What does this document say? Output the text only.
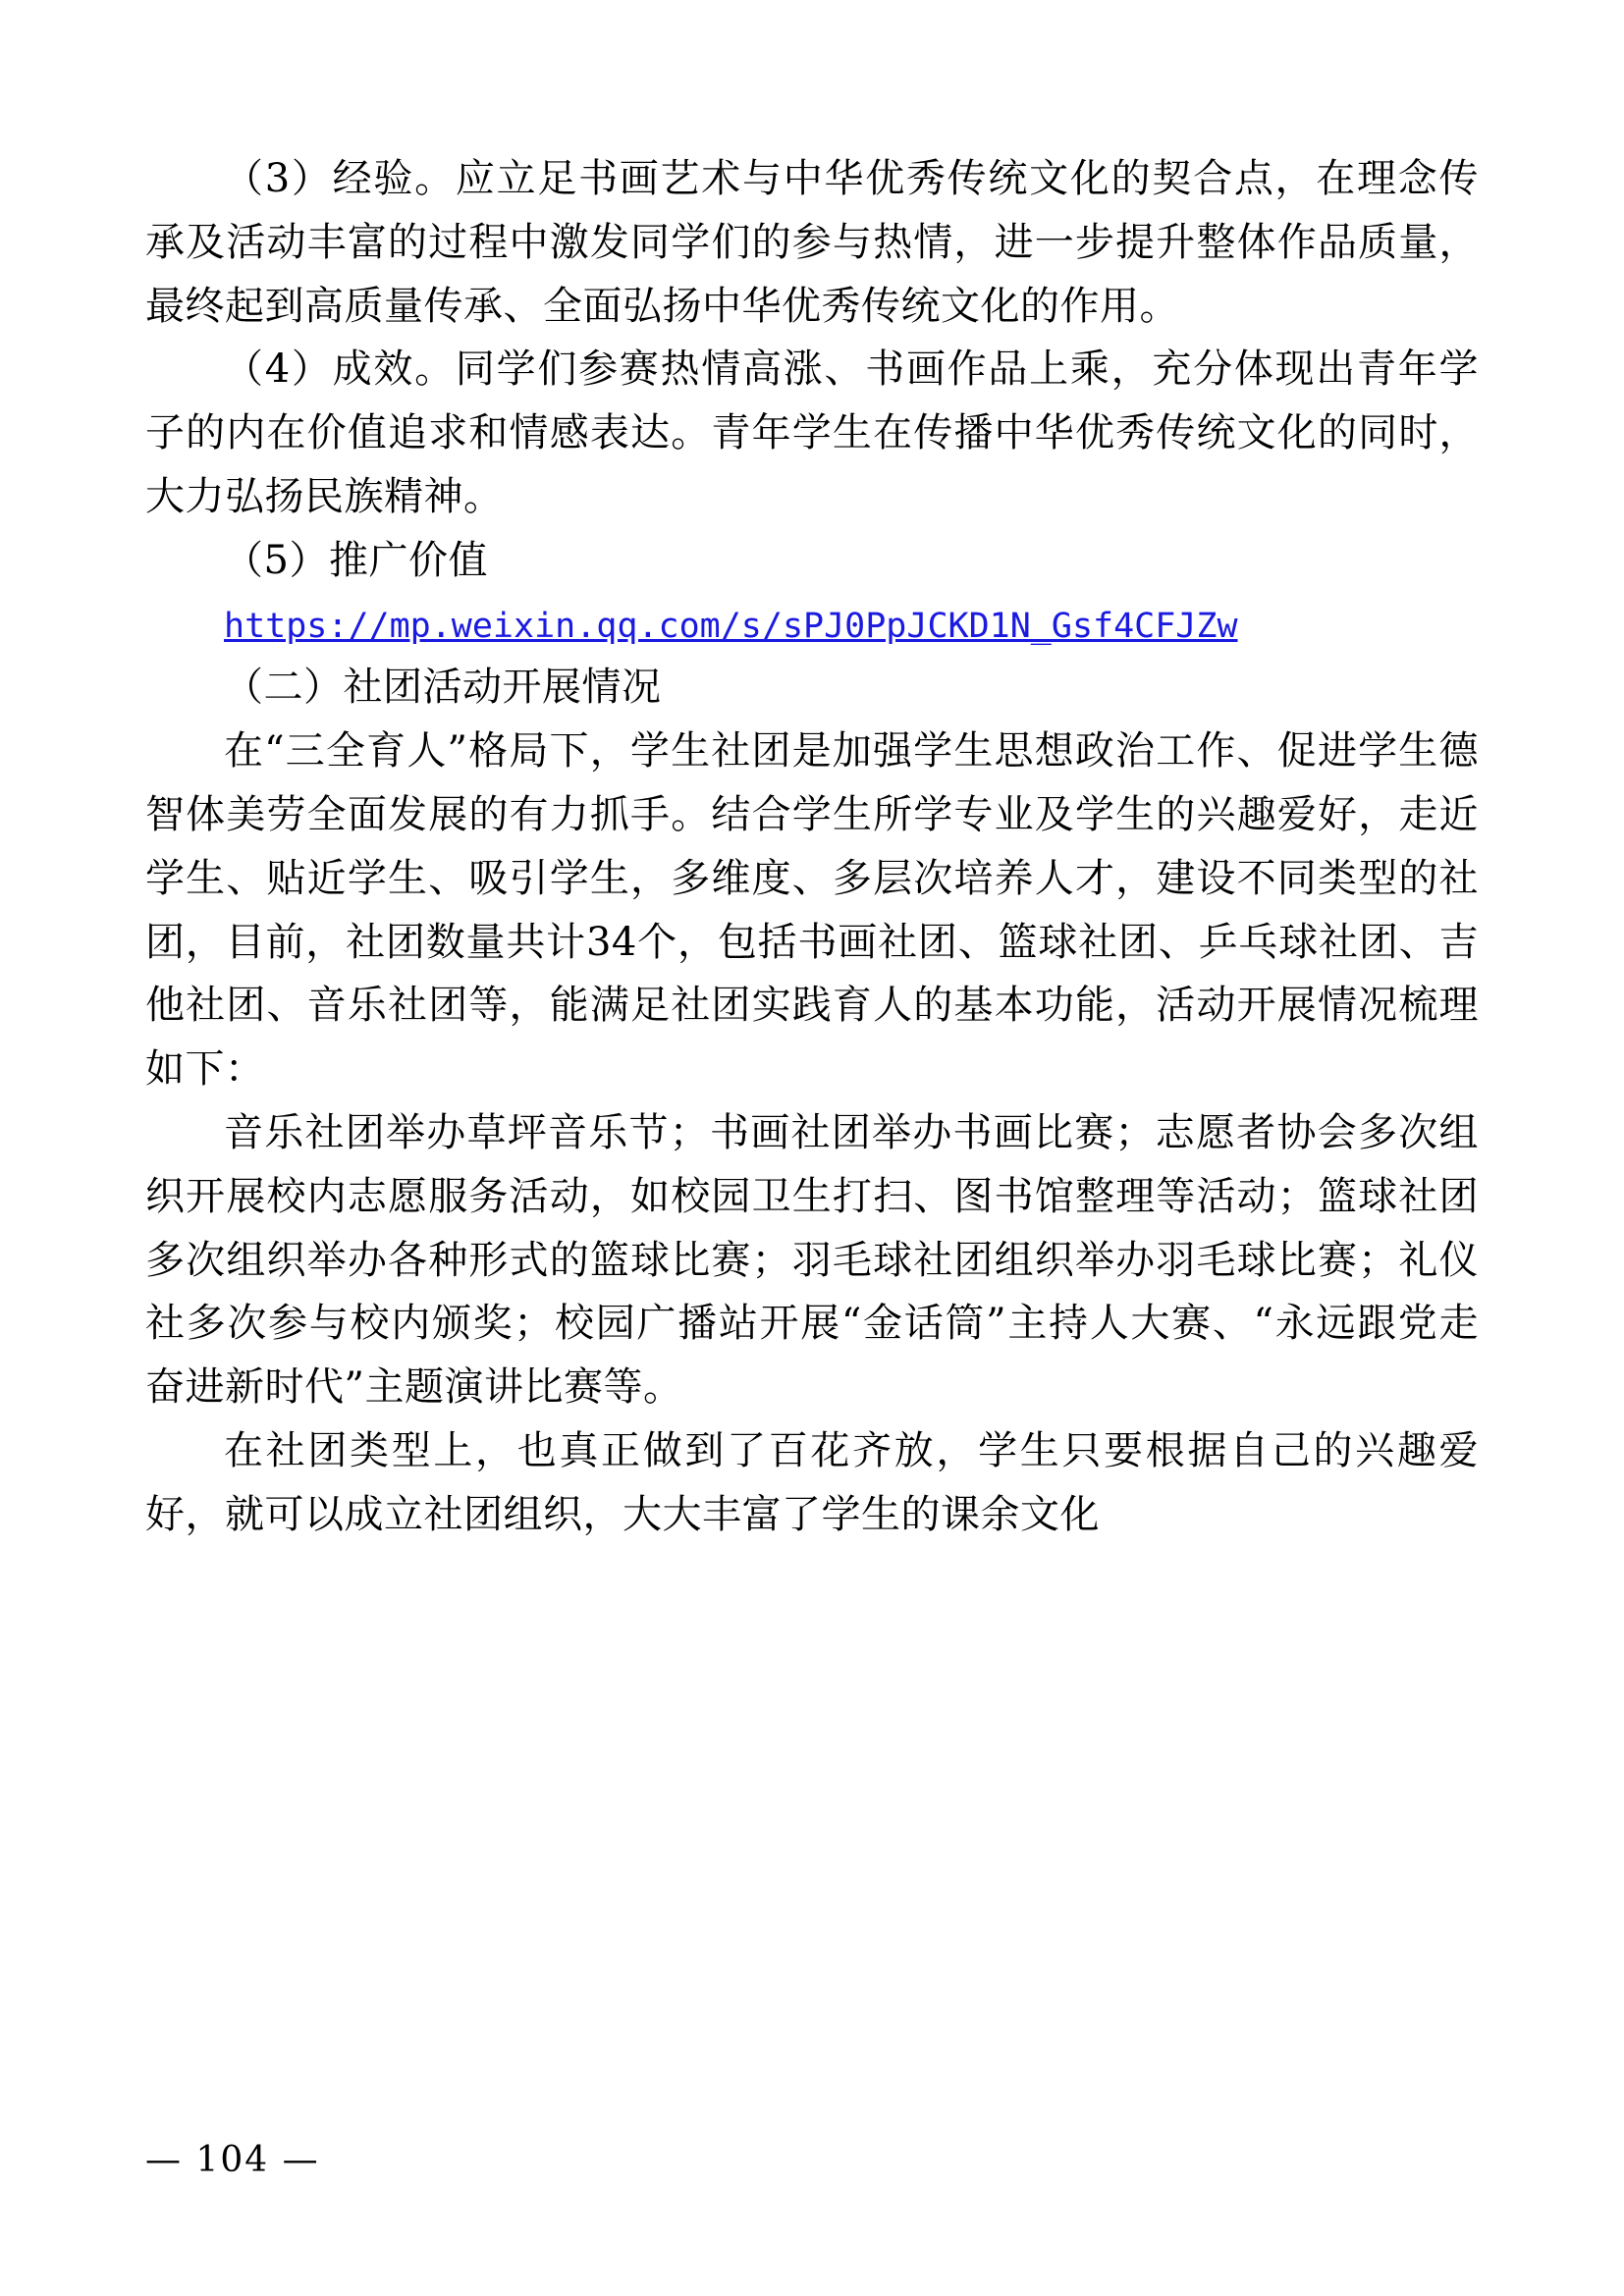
（3）经验。应立足书画艺术与中华优秀传统文化的契合点，在理念传承及活动丰富的过程中激发同学们的参与热情，进一步提升整体作品质量，最终起到高质量传承、全面弘扬中华优秀传统文化的作用。

（4）成效。同学们参赛热情高涨、书画作品上乘，充分体现出青年学子的内在价值追求和情感表达。青年学生在传播中华优秀传统文化的同时，大力弘扬民族精神。

（5）推广价值

https://mp.weixin.qq.com/s/sPJ0PpJCKD1N_Gsf4CFJZw

（二）社团活动开展情况

在“三全育人”格局下，学生社团是加强学生思想政治工作、促进学生德智体美劳全面发展的有力抓手。结合学生所学专业及学生的兴趣爱好，走近学生、贴近学生、吸引学生，多维度、多层次培养人才，建设不同类型的社团，目前，社团数量共计34个，包括书画社团、篮球社团、乒乓球社团、吉他社团、音乐社团等，能满足社团实践育人的基本功能，活动开展情况梳理如下：

音乐社团举办草坪音乐节；书画社团举办书画比赛；志愿者协会多次组织开展校内志愿服务活动，如校园卫生打扫、图书馆整理等活动；篮球社团多次组织举办各种形式的篮球比赛；羽毛球社团组织举办羽毛球比赛；礼仪社多次参与校内颁奖；校园广播站开展“金话筒”主持人大赛、“永远跟党走 奋进新时代”主题演讲比赛等。

在社团类型上，也真正做到了百花齐放，学生只要根据自己的兴趣爱好，就可以成立社团组织，大大丰富了学生的课余文化

— 104 —
